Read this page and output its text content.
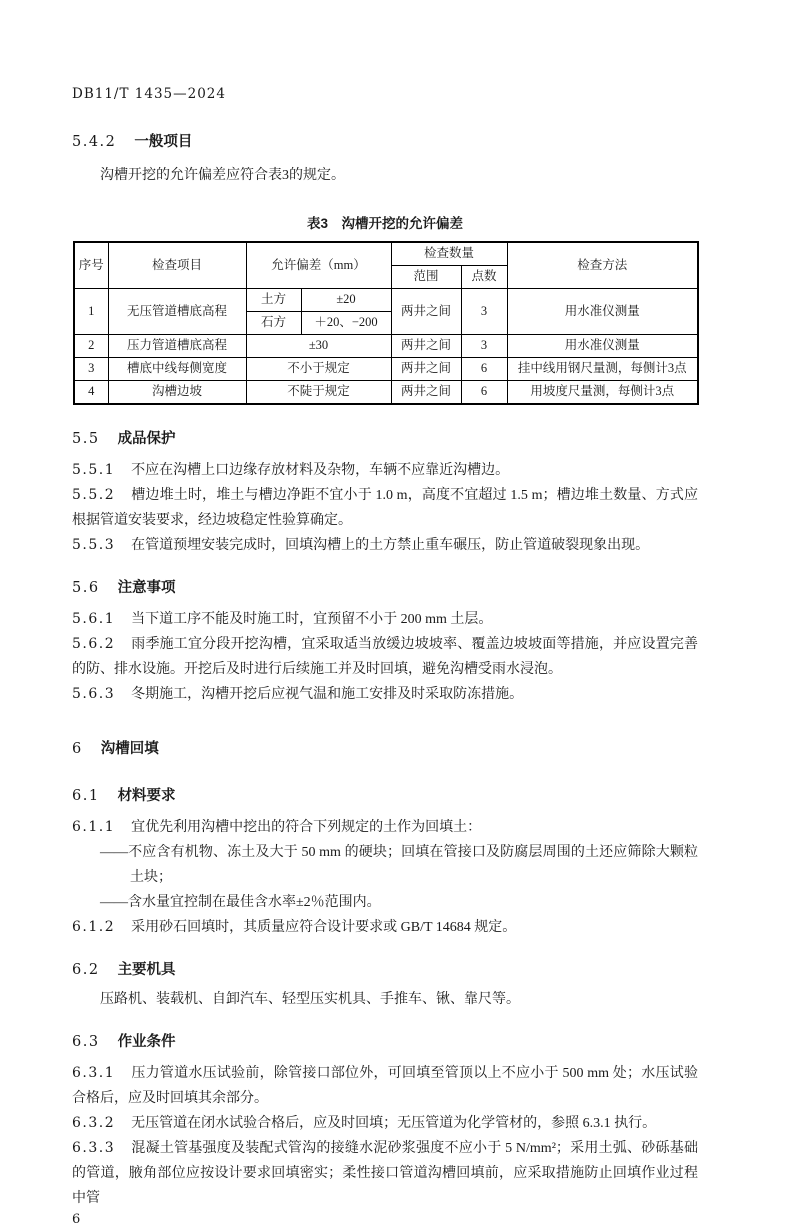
DB11/T 1435—2024
5.4.2 一般项目

沟槽开挖的允许偏差应符合表3的规定。

表3　沟槽开挖的允许偏差
序号	检查项目	允许偏差（mm）		检查数量		检查方法
				范围	点数	
1	无压管道槽底高程	土方	±20	两井之间	3	用水准仪测量
		石方	＋20、−200			
2	压力管道槽底高程	±30		两井之间	3	用水准仪测量
3	槽底中线每侧宽度	不小于规定		两井之间	6	挂中线用钢尺量测，每侧计3点
4	沟槽边坡	不陡于规定		两井之间	6	用坡度尺量测，每侧计3点
5.5 成品保护

5.5.1 不应在沟槽上口边缘存放材料及杂物，车辆不应靠近沟槽边。

5.5.2 槽边堆土时，堆土与槽边净距不宜小于 1.0 m，高度不宜超过 1.5 m；槽边堆土数量、方式应根据管道安装要求，经边坡稳定性验算确定。

5.5.3 在管道预埋安装完成时，回填沟槽上的土方禁止重车碾压，防止管道破裂现象出现。

5.6 注意事项

5.6.1 当下道工序不能及时施工时，宜预留不小于 200 mm 土层。

5.6.2 雨季施工宜分段开挖沟槽，宜采取适当放缓边坡坡率、覆盖边坡坡面等措施，并应设置完善的防、排水设施。开挖后及时进行后续施工并及时回填，避免沟槽受雨水浸泡。

5.6.3 冬期施工，沟槽开挖后应视气温和施工安排及时采取防冻措施。

6 沟槽回填
6.1 材料要求

6.1.1 宜优先利用沟槽中挖出的符合下列规定的土作为回填土：

——不应含有机物、冻土及大于 50 mm 的硬块；回填在管接口及防腐层周围的土还应筛除大颗粒土块；

——含水量宜控制在最佳含水率±2％范围内。

6.1.2 采用砂石回填时，其质量应符合设计要求或 GB/T 14684 规定。

6.2 主要机具

压路机、装载机、自卸汽车、轻型压实机具、手推车、锹、靠尺等。

6.3 作业条件

6.3.1 压力管道水压试验前，除管接口部位外，可回填至管顶以上不应小于 500 mm 处；水压试验合格后，应及时回填其余部分。

6.3.2 无压管道在闭水试验合格后，应及时回填；无压管道为化学管材的，参照 6.3.1 执行。

6.3.3 混凝土管基强度及装配式管沟的接缝水泥砂浆强度不应小于 5 N/mm²；采用土弧、砂砾基础的管道，腋角部位应按设计要求回填密实；柔性接口管道沟槽回填前，应采取措施防止回填作业过程中管

6
